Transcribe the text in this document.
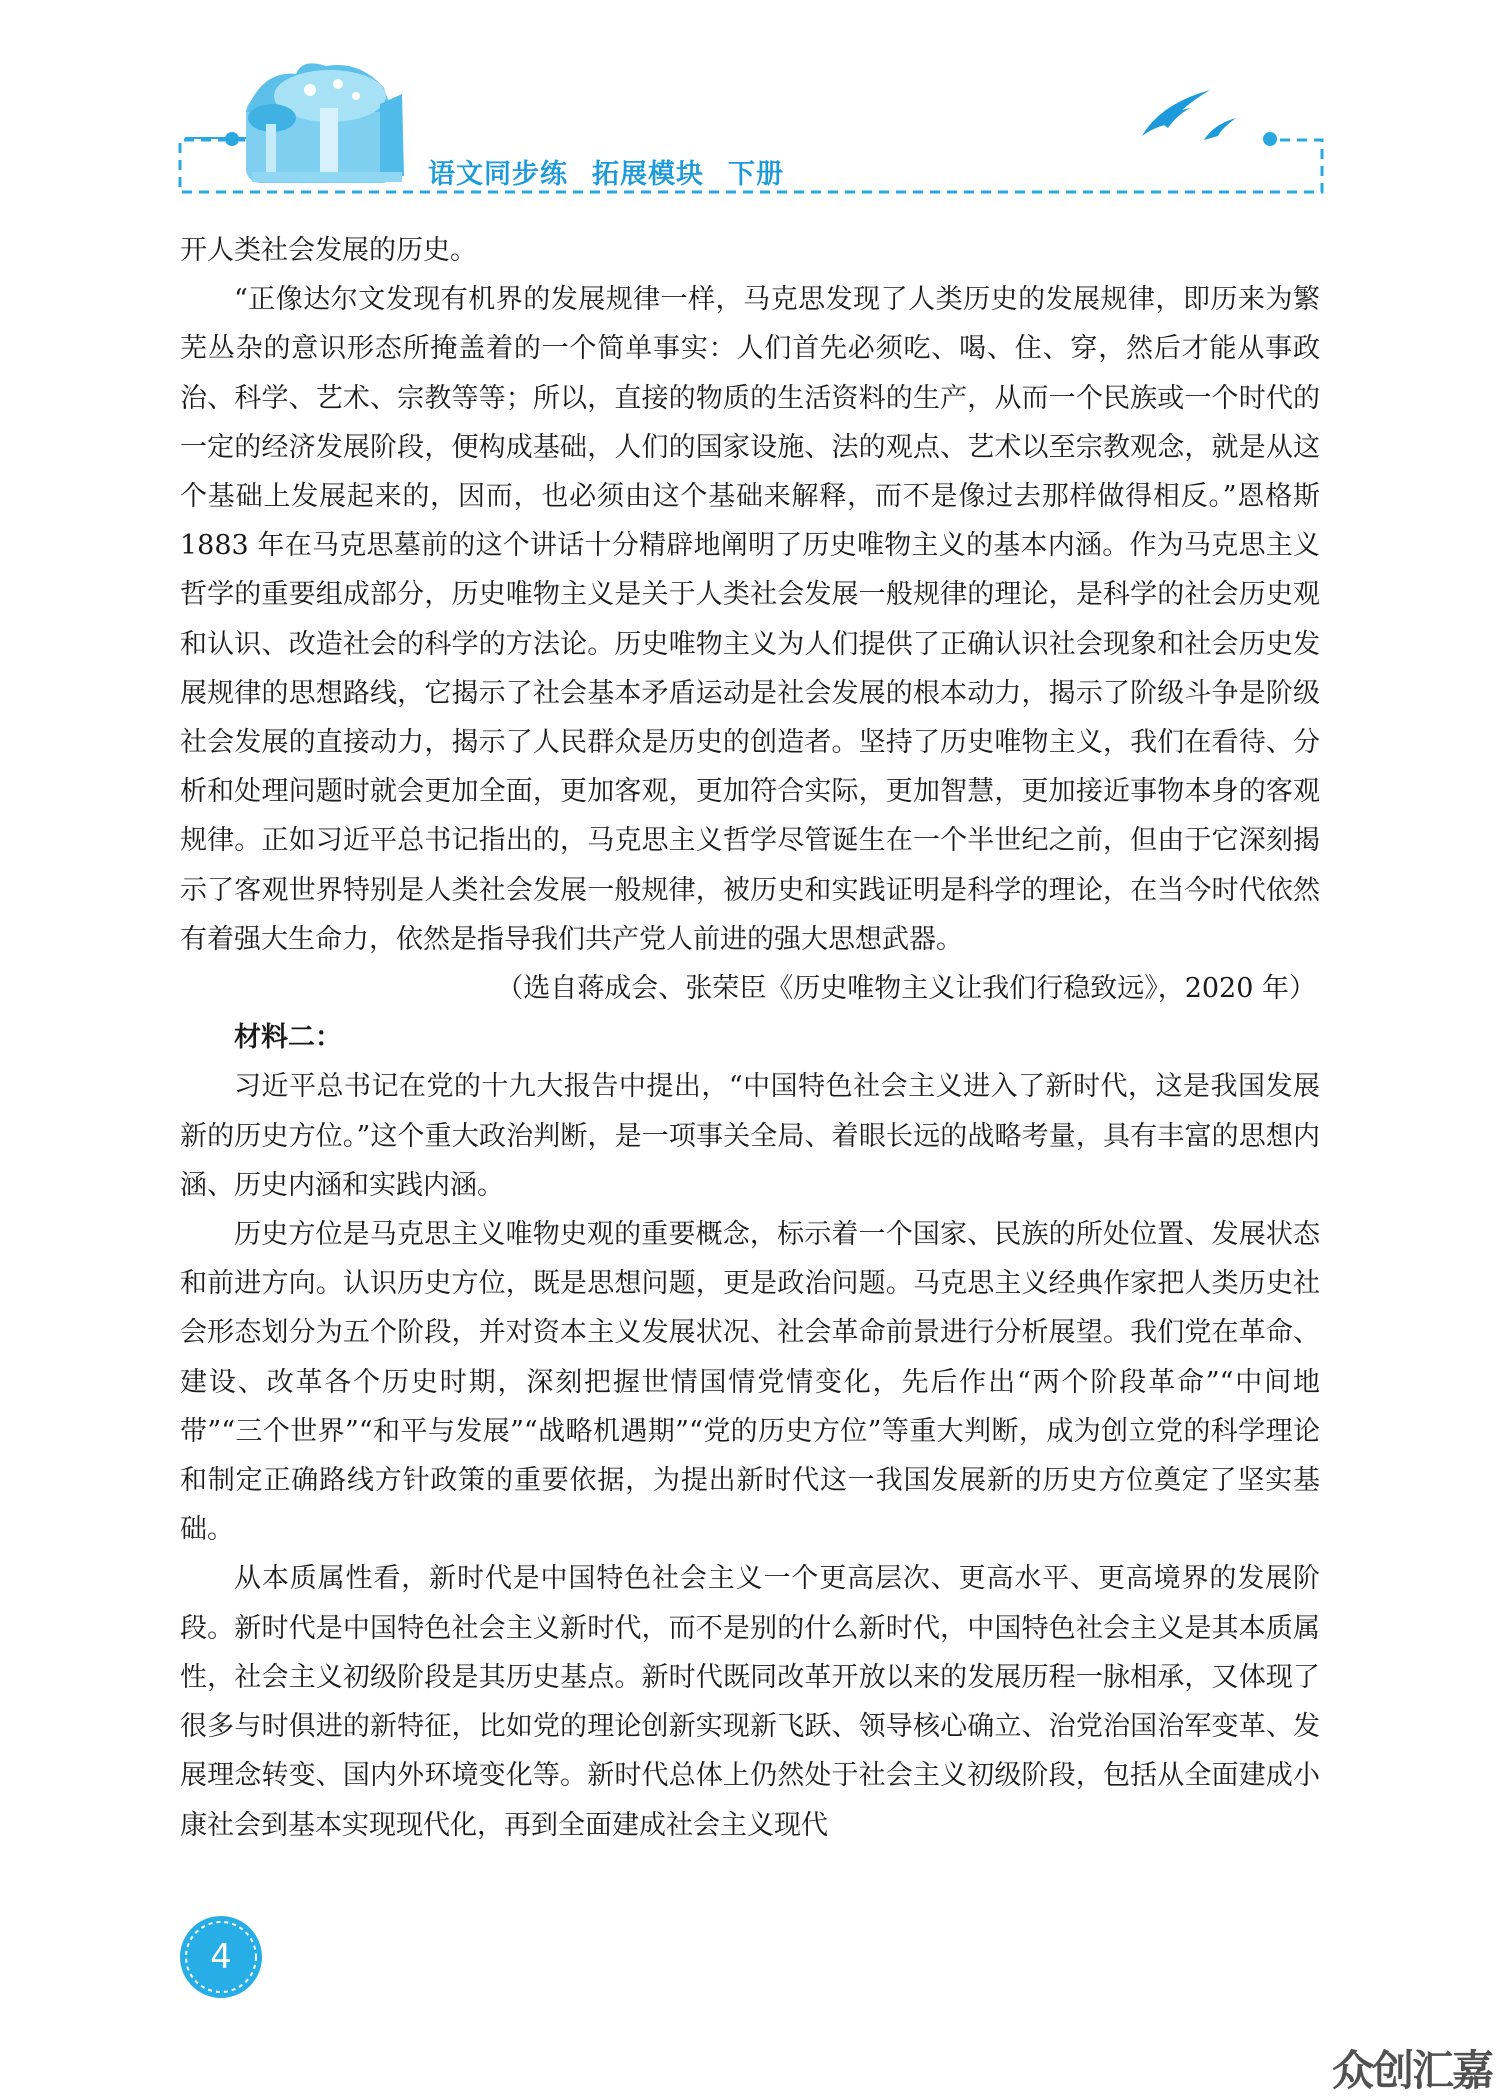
语文同步练 拓展模块 下册

开人类社会发展的历史。

“正像达尔文发现有机界的发展规律一样，马克思发现了人类历史的发展规律，即历来为繁芜丛杂的意识形态所掩盖着的一个简单事实：人们首先必须吃、喝、住、穿，然后才能从事政治、科学、艺术、宗教等等；所以，直接的物质的生活资料的生产，从而一个民族或一个时代的一定的经济发展阶段，便构成基础，人们的国家设施、法的观点、艺术以至宗教观念，就是从这个基础上发展起来的，因而，也必须由这个基础来解释，而不是像过去那样做得相反。”恩格斯 1883 年在马克思墓前的这个讲话十分精辟地阐明了历史唯物主义的基本内涵。作为马克思主义哲学的重要组成部分，历史唯物主义是关于人类社会发展一般规律的理论，是科学的社会历史观和认识、改造社会的科学的方法论。历史唯物主义为人们提供了正确认识社会现象和社会历史发展规律的思想路线，它揭示了社会基本矛盾运动是社会发展的根本动力，揭示了阶级斗争是阶级社会发展的直接动力，揭示了人民群众是历史的创造者。坚持了历史唯物主义，我们在看待、分析和处理问题时就会更加全面，更加客观，更加符合实际，更加智慧，更加接近事物本身的客观规律。正如习近平总书记指出的，马克思主义哲学尽管诞生在一个半世纪之前，但由于它深刻揭示了客观世界特别是人类社会发展一般规律，被历史和实践证明是科学的理论，在当今时代依然有着强大生命力，依然是指导我们共产党人前进的强大思想武器。

（选自蒋成会、张荣臣《历史唯物主义让我们行稳致远》，2020 年）

材料二：

习近平总书记在党的十九大报告中提出，“中国特色社会主义进入了新时代，这是我国发展新的历史方位。”这个重大政治判断，是一项事关全局、着眼长远的战略考量，具有丰富的思想内涵、历史内涵和实践内涵。

历史方位是马克思主义唯物史观的重要概念，标示着一个国家、民族的所处位置、发展状态和前进方向。认识历史方位，既是思想问题，更是政治问题。马克思主义经典作家把人类历史社会形态划分为五个阶段，并对资本主义发展状况、社会革命前景进行分析展望。我们党在革命、建设、改革各个历史时期，深刻把握世情国情党情变化，先后作出“两个阶段革命”“中间地带”“三个世界”“和平与发展”“战略机遇期”“党的历史方位”等重大判断，成为创立党的科学理论和制定正确路线方针政策的重要依据，为提出新时代这一我国发展新的历史方位奠定了坚实基础。

从本质属性看，新时代是中国特色社会主义一个更高层次、更高水平、更高境界的发展阶段。新时代是中国特色社会主义新时代，而不是别的什么新时代，中国特色社会主义是其本质属性，社会主义初级阶段是其历史基点。新时代既同改革开放以来的发展历程一脉相承，又体现了很多与时俱进的新特征，比如党的理论创新实现新飞跃、领导核心确立、治党治国治军变革、发展理念转变、国内外环境变化等。新时代总体上仍然处于社会主义初级阶段，包括从全面建成小康社会到基本实现现代化，再到全面建成社会主义现代

4
众创汇嘉
